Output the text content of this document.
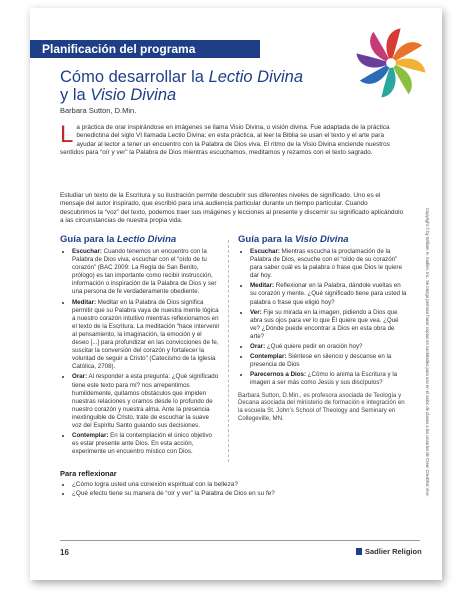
Planificación del programa
Cómo desarrollar la Lectio Divina
y la Visio Divina
Barbara Sutton, D.Min.
La práctica de orar inspirándose en imágenes se llama Visio Divina, o visión divina. Fue adaptada de la práctica benedictina del siglo VI llamada Lectio Divina; en esta práctica, al leer la Biblia se usan el texto y el arte para ayudar al lector a tener un encuentro con la Palabra de Dios viva. El ritmo de la Visio Divina enciende nuestros sentidos para “oír y ver” la Palabra de Dios mientras escuchamos, meditamos y rezamos con el texto sagrado.
Estudiar un texto de la Escritura y su ilustración permite descubrir sus diferentes niveles de significado. Uno es el mensaje del autor inspirado, que escribió para una audiencia particular durante un tiempo particular. Cuando descubrimos la “voz” del texto, podemos traer sus imágenes y lecciones al presente y discernir su significado aplicándolo a las circunstancias de nuestra propia vida.
Guía para la Lectio Divina
• Escuchar: Cuando tenemos un encuentro con la Palabra de Dios viva, escuchar con el “oído de tu corazón” (BAC 2009: La Regla de San Benito, prólogo) es tan importante como recibir instrucción, información o inspiración de la Palabra de Dios y ser una persona de fe verdaderamente obediente.
• Meditar: Meditar en la Palabra de Dios significa permitir que su Palabra vaya de nuestra mente lógica a nuestro corazón intuitivo mientras reflexionamos en el texto de la Escritura. La meditación “hace intervenir al pensamiento, la imaginación, la emoción y el deseo [...] para profundizar en las convicciones de fe, suscitar la conversión del corazón y fortalecer la voluntad de seguir a Cristo” (Catecismo de la Iglesia Católica, 2708).
• Orar: Al responder a esta pregunta: ¿Qué significado tiene este texto para mí? nos arrepentimos humildemente, quitamos obstáculos que impiden nuestras relaciones y oramos desde lo profundo de nuestro corazón y nuestra alma. Ante la presencia inextinguible de Cristo, trate de escuchar la suave voz del Espíritu Santo guiando sus decisiones.
• Contemplar: En la contemplación el único objetivo es estar presente ante Dios. En esta acción, experimente un encuentro místico con Dios.
Guía para la Visio Divina
• Escuchar: Mientras escucha la proclamación de la Palabra de Dios, escuche con el “oído de su corazón” para saber cuál es la palabra o frase que Dios le quiere dar hoy.
• Meditar: Reflexionar en la Palabra, dándole vueltas en su corazón y mente. ¿Qué significado tiene para usted la palabra o frase que eligió hoy?
• Ver: Fije su mirada en la imagen, pidiendo a Dios que abra sus ojos para ver lo que Él quiere que vea. ¿Qué ve? ¿Dónde puede encontrar a Dios en esta obra de arte?
• Orar: ¿Qué quiere pedir en oración hoy?
• Contemplar: Siéntese en silencio y descanse en la presencia de Dios
• Parecernos a Dios: ¿Cómo lo anima la Escritura y la imagen a ser más como Jesús y sus discípulos?
Barbara Sutton, D.Min., es profesora asociada de Teología y Decana asociada del ministerio de formación e integración en la escuela St. John’s School of Theology and Seminary en Collegeville, MN.
Para reflexionar
• ¿Cómo logra usted una conexión espiritual con la belleza?
• ¿Qué efecto tiene su manera de “oír y ver” la Palabra de Dios en su fe?
16	Sadlier Religion
Copyright © by William H. Sadlier, Inc. Se otorga permiso hacer copias en cantidades para uso en el salón de clases a los usuarios de Cree/ Creabhal Vive.
